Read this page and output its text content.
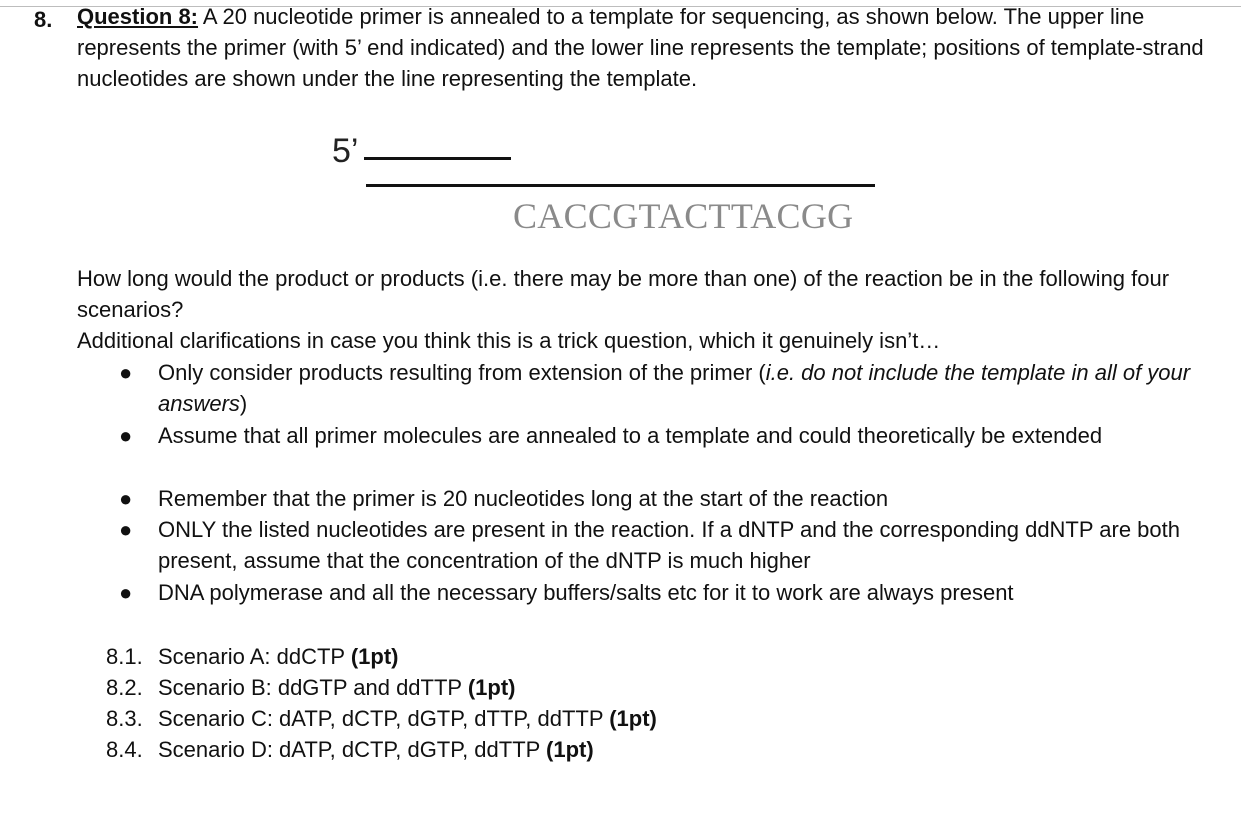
8. Question 8: A 20 nucleotide primer is annealed to a template for sequencing, as shown below. The upper line represents the primer (with 5’ end indicated) and the lower line represents the template; positions of template-strand nucleotides are shown under the line representing the template.
5’
CACCGTACTTACGG
How long would the product or products (i.e. there may be more than one) of the reaction be in the following four scenarios?
Additional clarifications in case you think this is a trick question, which it genuinely isn’t…
● Only consider products resulting from extension of the primer (i.e. do not include the template in all of your answers)
● Assume that all primer molecules are annealed to a template and could theoretically be extended
● Remember that the primer is 20 nucleotides long at the start of the reaction
● ONLY the listed nucleotides are present in the reaction. If a dNTP and the corresponding ddNTP are both present, assume that the concentration of the dNTP is much higher
● DNA polymerase and all the necessary buffers/salts etc for it to work are always present
8.1. Scenario A: ddCTP (1pt)
8.2. Scenario B: ddGTP and ddTTP (1pt)
8.3. Scenario C: dATP, dCTP, dGTP, dTTP, ddTTP (1pt)
8.4. Scenario D: dATP, dCTP, dGTP, ddTTP (1pt)
